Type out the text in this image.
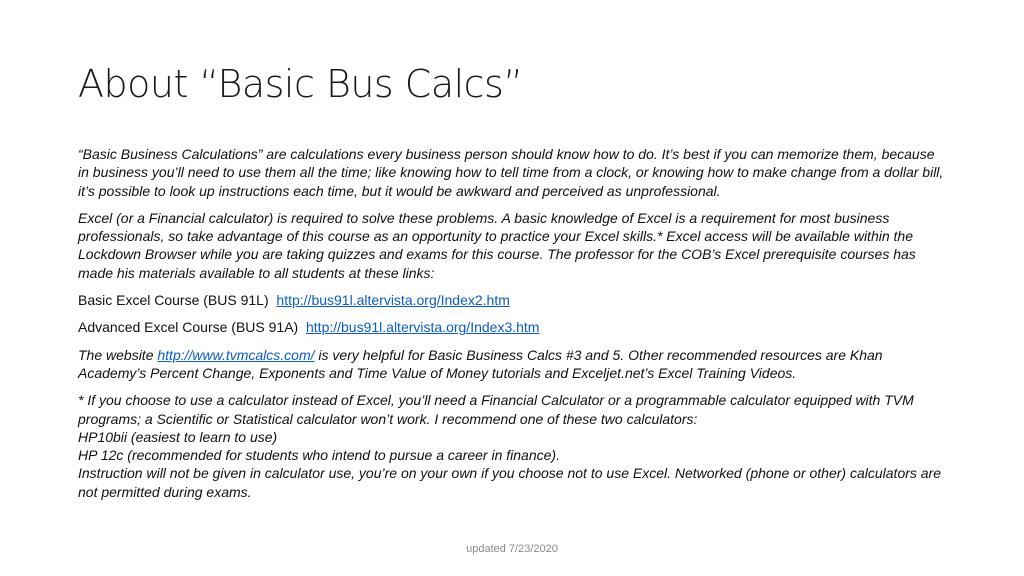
About “Basic Bus Calcs”

“Basic Business Calculations” are calculations every business person should know how to do. It’s best if you can memorize them, because in business you’ll need to use them all the time; like knowing how to tell time from a clock, or knowing how to make change from a dollar bill, it’s possible to look up instructions each time, but it would be awkward and perceived as unprofessional.

Excel (or a Financial calculator) is required to solve these problems. A basic knowledge of Excel is a requirement for most business professionals, so take advantage of this course as an opportunity to practice your Excel skills.* Excel access will be available within the Lockdown Browser while you are taking quizzes and exams for this course. The professor for the COB’s Excel prerequisite courses has made his materials available to all students at these links:

Basic Excel Course (BUS 91L) http://bus91l.altervista.org/Index2.htm

Advanced Excel Course (BUS 91A) http://bus91l.altervista.org/Index3.htm

The website http://www.tvmcalcs.com/ is very helpful for Basic Business Calcs #3 and 5. Other recommended resources are Khan Academy’s Percent Change, Exponents and Time Value of Money tutorials and Exceljet.net’s Excel Training Videos.

* If you choose to use a calculator instead of Excel, you’ll need a Financial Calculator or a programmable calculator equipped with TVM programs; a Scientific or Statistical calculator won’t work. I recommend one of these two calculators:
HP10bii (easiest to learn to use)
HP 12c (recommended for students who intend to pursue a career in finance).
Instruction will not be given in calculator use, you’re on your own if you choose not to use Excel. Networked (phone or other) calculators are not permitted during exams.

updated 7/23/2020
